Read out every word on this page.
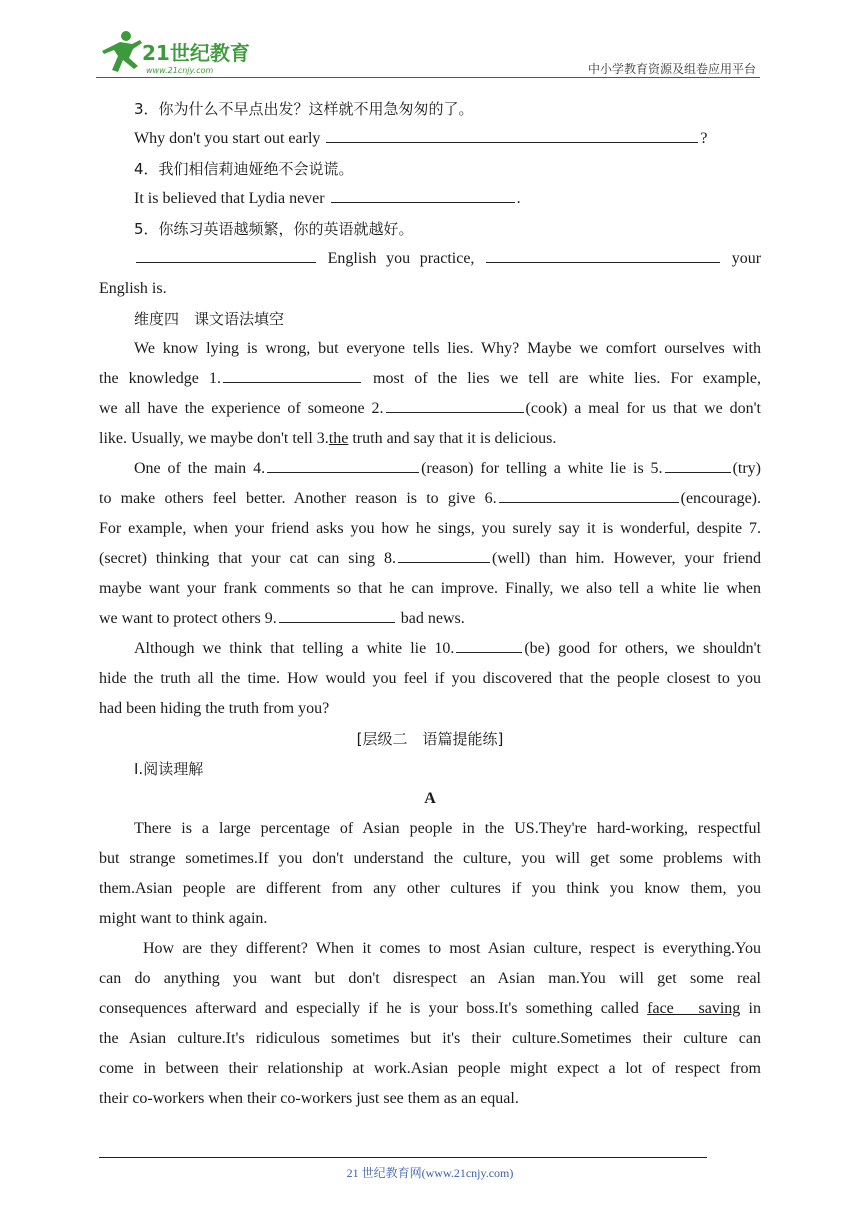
21世纪教育
www.21cnjy.com	中小学教育资源及组卷应用平台
3．你为什么不早点出发？这样就不用急匆匆的了。
Why don't you start out early	?
4．我们相信莉迪娅绝不会说谎。
It is believed that Lydia never	.
5．你练习英语越频繁，你的英语就越好。
English you practice,	your
English is.
维度四　课文语法填空
We know lying is wrong, but everyone tells lies. Why? Maybe we comfort ourselves with
the knowledge 1.	most of the lies we tell are white lies. For example,
we all have the experience of someone 2.	(cook) a meal for us that we don't
like. Usually, we maybe don't tell 3.the truth and say that it is delicious.
One of the main 4.	(reason) for telling a white lie is 5.	(try)
to make others feel better. Another reason is to give 6.	(encourage).
For example, when your friend asks you how he sings, you surely say it is wonderful, despite 7.
(secret) thinking that your cat can sing 8.	(well) than him. However, your friend
maybe want your frank comments so that he can improve. Finally, we also tell a white lie when
we want to protect others 9.	bad news.
Although we think that telling a white lie 10.	(be) good for others, we shouldn't
hide the truth all the time. How would you feel if you discovered that the people closest to you
had been hiding the truth from you?
[层级二　语篇提能练]
Ⅰ.阅读理解
A
There is a large percentage of Asian people in the US.They're hard-working, respectful
but strange sometimes.If you don't understand the culture, you will get some problems with
them.Asian people are different from any other cultures if you think you know them, you
might want to think again.
How are they different? When it comes to most Asian culture, respect is everything.You
can do anything you want but don't disrespect an Asian man.You will get some real
consequences afterward and especially if he is your boss.It's something called face   saving in
the Asian culture.It's ridiculous sometimes but it's their culture.Sometimes their culture can
come in between their relationship at work.Asian people might expect a lot of respect from
their co-workers when their co-workers just see them as an equal.
21 世纪教育网(www.21cnjy.com)
